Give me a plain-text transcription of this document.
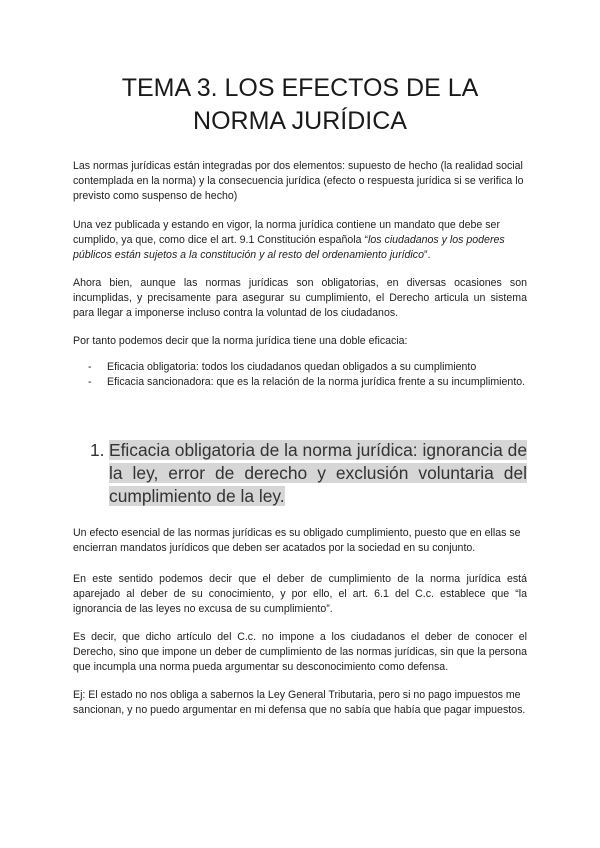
TEMA 3. LOS EFECTOS DE LA
NORMA JURÍDICA

Las normas jurídicas están integradas por dos elementos: supuesto de hecho (la realidad social contemplada en la norma) y la consecuencia jurídica (efecto o respuesta jurídica si se verifica lo previsto como suspenso de hecho)

Una vez publicada y estando en vigor, la norma jurídica contiene un mandato que debe ser cumplido, ya que, como dice el art. 9.1 Constitución española “los ciudadanos y los poderes públicos están sujetos a la constitución y al resto del ordenamiento jurídico”.

Ahora bien, aunque las normas jurídicas son obligatorias, en diversas ocasiones son incumplidas, y precisamente para asegurar su cumplimiento, el Derecho articula un sistema para llegar a imponerse incluso contra la voluntad de los ciudadanos.

Por tanto podemos decir que la norma jurídica tiene una doble eficacia:

- Eficacia obligatoria: todos los ciudadanos quedan obligados a su cumplimiento
- Eficacia sancionadora: que es la relación de la norma jurídica frente a su incumplimiento.
1. Eficacia obligatoria de la norma jurídica: ignorancia de la ley, error de derecho y exclusión voluntaria del cumplimiento de la ley.

Un efecto esencial de las normas jurídicas es su obligado cumplimiento, puesto que en ellas se encierran mandatos jurídicos que deben ser acatados por la sociedad en su conjunto.

En este sentido podemos decir que el deber de cumplimiento de la norma jurídica está aparejado al deber de su conocimiento, y por ello, el art. 6.1 del C.c. establece que “la ignorancia de las leyes no excusa de su cumplimiento”.

Es decir, que dicho artículo del C.c. no impone a los ciudadanos el deber de conocer el Derecho, sino que impone un deber de cumplimiento de las normas jurídicas, sin que la persona que incumpla una norma pueda argumentar su desconocimiento como defensa.

Ej: El estado no nos obliga a sabernos la Ley General Tributaria, pero si no pago impuestos me sancionan, y no puedo argumentar en mi defensa que no sabía que había que pagar impuestos.
